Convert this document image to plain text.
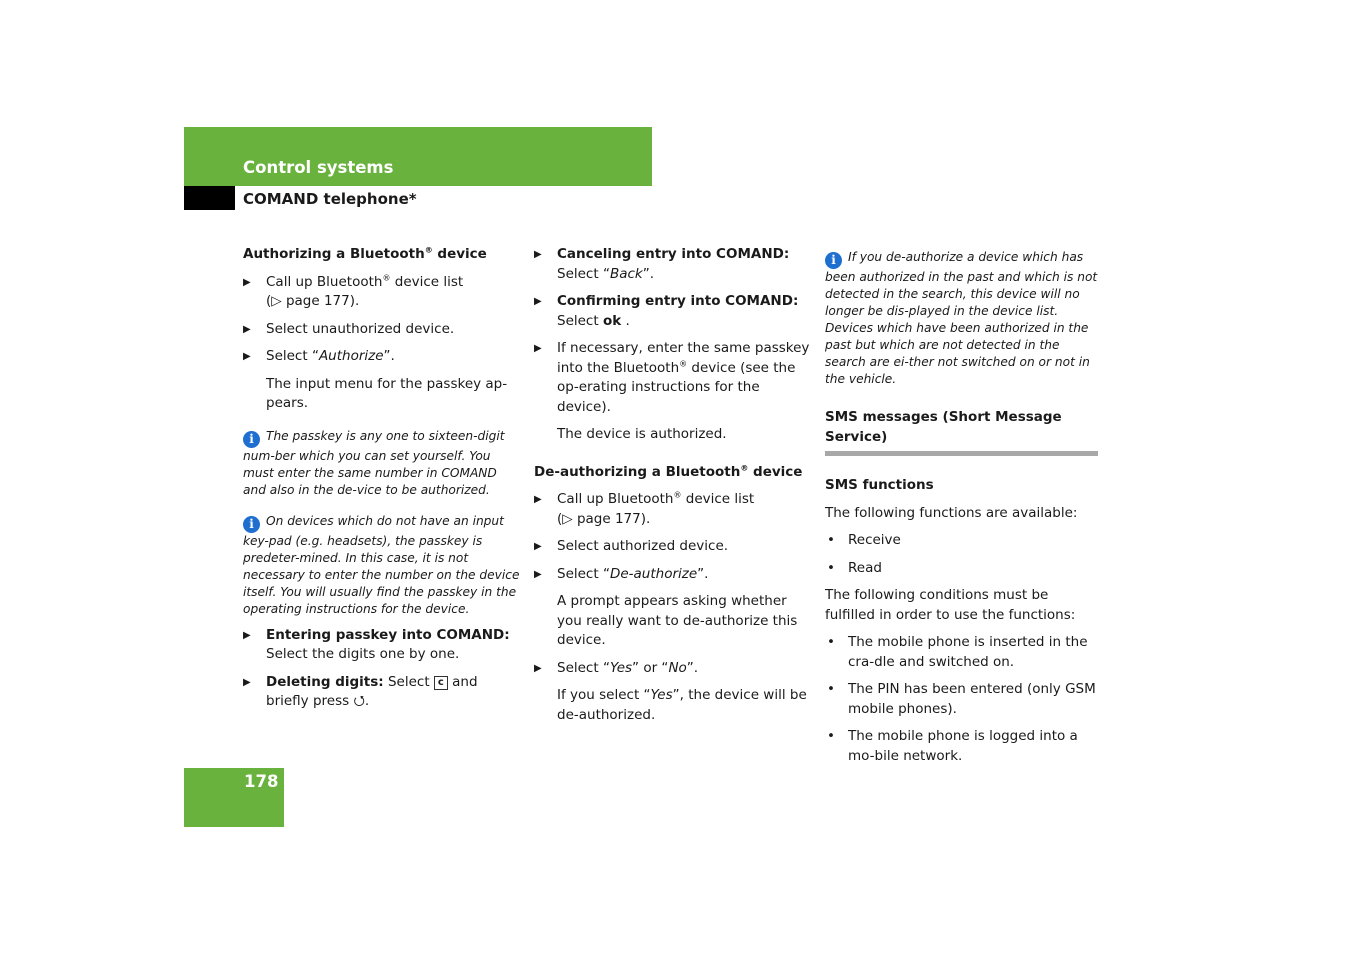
Control systems
COMAND telephone*
Authorizing a Bluetooth® device
▶ Call up Bluetooth® device list
(▷ page 177).
▶ Select unauthorized device.
▶ Select “Authorize”.
The input menu for the passkey ap-pears.
i The passkey is any one to sixteen-digit num-ber which you can set yourself. You must enter the same number in COMAND and also in the de-vice to be authorized.
i On devices which do not have an input key-pad (e.g. headsets), the passkey is predeter-mined. In this case, it is not necessary to enter the number on the device itself. You will usually find the passkey in the operating instructions for the device.
▶ Entering passkey into COMAND:
Select the digits one by one.
▶ Deleting digits: Select c and briefly press ⭯.
▶ Canceling entry into COMAND:
Select “Back”.
▶ Confirming entry into COMAND:
Select ok .
▶ If necessary, enter the same passkey into the Bluetooth® device (see the op-erating instructions for the device).
The device is authorized.
De-authorizing a Bluetooth® device
▶ Call up Bluetooth® device list
(▷ page 177).
▶ Select authorized device.
▶ Select “De-authorize”.
A prompt appears asking whether you really want to de-authorize this device.
▶ Select “Yes” or “No”.
If you select “Yes”, the device will be de-authorized.
i If you de-authorize a device which has been authorized in the past and which is not detected in the search, this device will no longer be dis-played in the device list.
Devices which have been authorized in the past but which are not detected in the search are ei-ther not switched on or not in the vehicle.
SMS messages (Short Message Service)
SMS functions
The following functions are available:
• Receive
• Read
The following conditions must be fulfilled in order to use the functions:
• The mobile phone is inserted in the cra-dle and switched on.
• The PIN has been entered (only GSM mobile phones).
• The mobile phone is logged into a mo-bile network.
178
